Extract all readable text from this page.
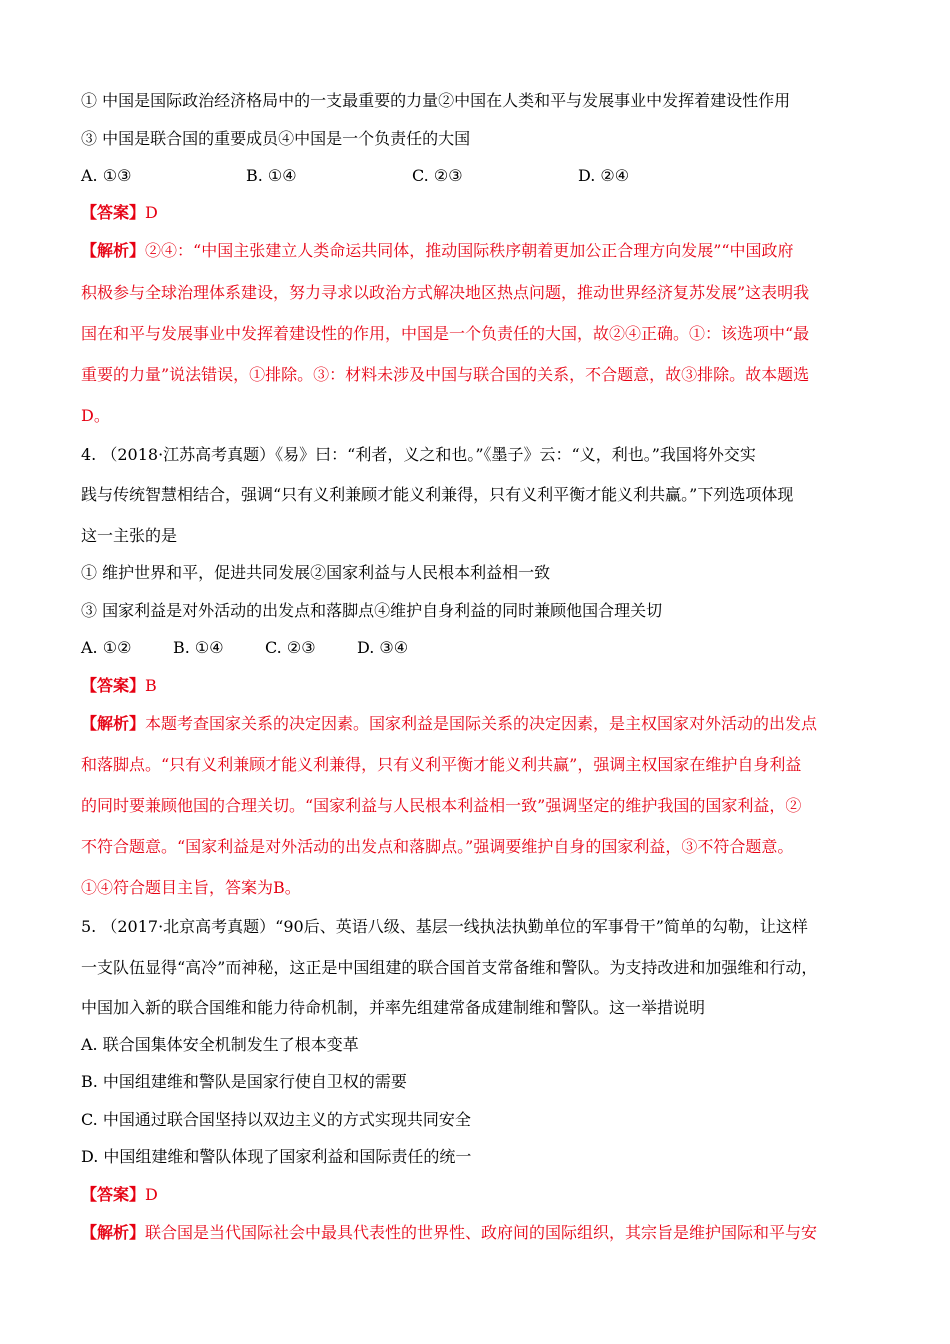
① 中国是国际政治经济格局中的一支最重要的力量②中国在人类和平与发展事业中发挥着建设性作用
③ 中国是联合国的重要成员④中国是一个负责任的大国
A. ①③	B. ①④	C. ②③	D. ②④
【答案】D
【解析】②④：“中国主张建立人类命运共同体，推动国际秩序朝着更加公正合理方向发展”“中国政府
积极参与全球治理体系建设，努力寻求以政治方式解决地区热点问题，推动世界经济复苏发展”这表明我
国在和平与发展事业中发挥着建设性的作用，中国是一个负责任的大国，故②④正确。①：该选项中“最
重要的力量”说法错误，①排除。③：材料未涉及中国与联合国的关系，不合题意，故③排除。故本题选
D。
4. （2018·江苏高考真题）《易》曰：“利者，义之和也。”《墨子》云：“义，利也。”我国将外交实
践与传统智慧相结合，强调“只有义利兼顾才能义利兼得，只有义利平衡才能义利共赢。”下列选项体现
这一主张的是
① 维护世界和平，促进共同发展②国家利益与人民根本利益相一致
③ 国家利益是对外活动的出发点和落脚点④维护自身利益的同时兼顾他国合理关切
A. ①②	B. ①④	C. ②③	D. ③④
【答案】B
【解析】本题考查国家关系的决定因素。国家利益是国际关系的决定因素，是主权国家对外活动的出发点
和落脚点。“只有义利兼顾才能义利兼得，只有义利平衡才能义利共赢”，强调主权国家在维护自身利益
的同时要兼顾他国的合理关切。“国家利益与人民根本利益相一致”强调坚定的维护我国的国家利益，②
不符合题意。“国家利益是对外活动的出发点和落脚点。”强调要维护自身的国家利益，③不符合题意。
①④符合题目主旨，答案为B。
5. （2017·北京高考真题）“90后、英语八级、基层一线执法执勤单位的军事骨干”简单的勾勒，让这样
一支队伍显得“高冷”而神秘，这正是中国组建的联合国首支常备维和警队。为支持改进和加强维和行动，
中国加入新的联合国维和能力待命机制，并率先组建常备成建制维和警队。这一举措说明
A. 联合国集体安全机制发生了根本变革
B. 中国组建维和警队是国家行使自卫权的需要
C. 中国通过联合国坚持以双边主义的方式实现共同安全
D. 中国组建维和警队体现了国家利益和国际责任的统一
【答案】D
【解析】联合国是当代国际社会中最具代表性的世界性、政府间的国际组织，其宗旨是维护国际和平与安
